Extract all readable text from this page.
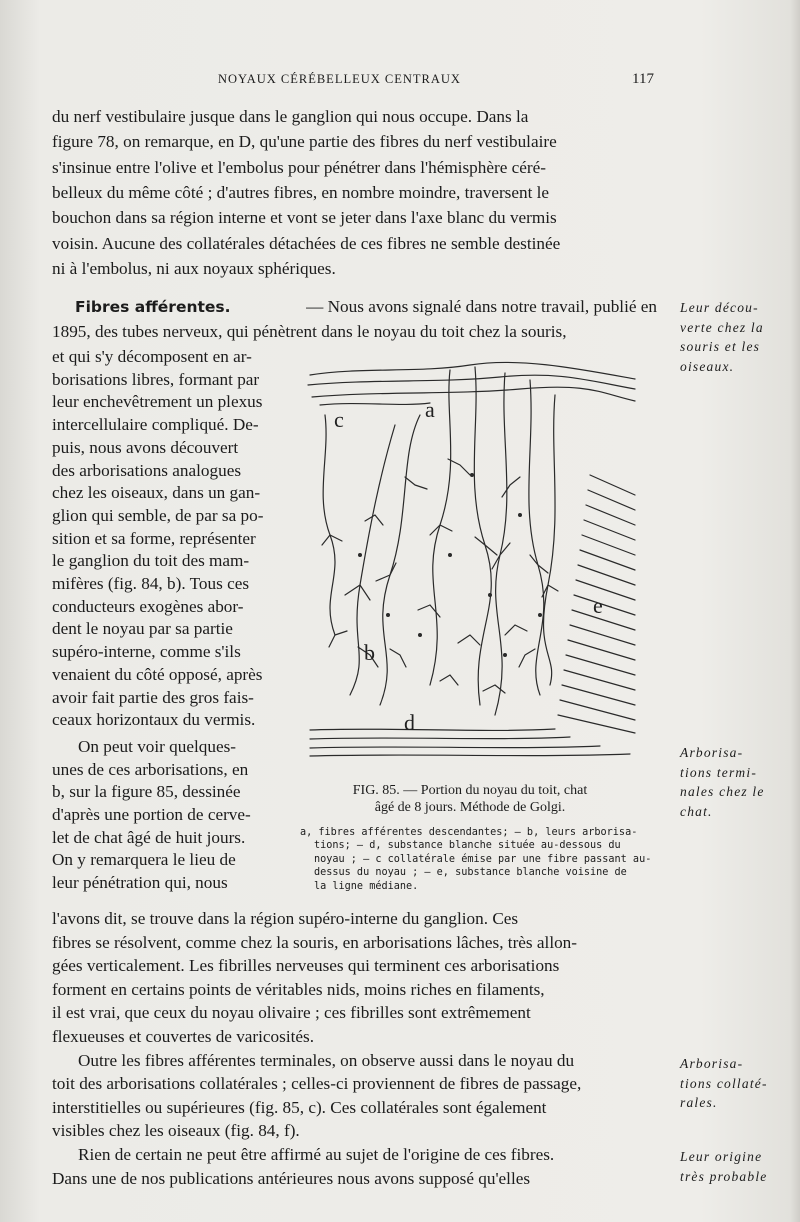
NOYAUX CÉRÉBELLEUX CENTRAUX	117
du nerf vestibulaire jusque dans le ganglion qui nous occupe. Dans la
figure 78, on remarque, en D, qu'une partie des fibres du nerf vestibulaire
s'insinue entre l'olive et l'embolus pour pénétrer dans l'hémisphère céré-
belleux du même côté ; d'autres fibres, en nombre moindre, traversent le
bouchon dans sa région interne et vont se jeter dans l'axe blanc du vermis
voisin. Aucune des collatérales détachées de ces fibres ne semble destinée
ni à l'embolus, ni aux noyaux sphériques.
Fibres afférentes.	— Nous avons signalé dans notre travail, publié en
1895, des tubes nerveux, qui pénètrent dans le noyau du toit chez la souris,
et qui s'y décomposent en ar-
borisations libres, formant par
leur enchevêtrement un plexus
intercellulaire compliqué. De-
puis, nous avons découvert
des arborisations analogues
chez les oiseaux, dans un gan-
glion qui semble, de par sa po-
sition et sa forme, représenter
le ganglion du toit des mam-
mifères (fig. 84, b). Tous ces
conducteurs exogènes abor-
dent le noyau par sa partie
supéro-interne, comme s'ils
venaient du côté opposé, après
avoir fait partie des gros fais-
ceaux horizontaux du vermis.
On peut voir quelques-
unes de ces arborisations, en
b, sur la figure 85, dessinée
d'après une portion de cerve-
let de chat âgé de huit jours.
On y remarquera le lieu de
leur pénétration qui, nous
l'avons dit, se trouve dans la région supéro-interne du ganglion. Ces
fibres se résolvent, comme chez la souris, en arborisations lâches, très allon-
gées verticalement. Les fibrilles nerveuses qui terminent ces arborisations
forment en certains points de véritables nids, moins riches en filaments,
il est vrai, que ceux du noyau olivaire ; ces fibrilles sont extrêmement
flexueuses et couvertes de varicosités.
Outre les fibres afférentes terminales, on observe aussi dans le noyau du
toit des arborisations collatérales ; celles-ci proviennent de fibres de passage,
interstitielles ou supérieures (fig. 85, c). Ces collatérales sont également
visibles chez les oiseaux (fig. 84, f).
Rien de certain ne peut être affirmé au sujet de l'origine de ces fibres.
Dans une de nos publications antérieures nous avons supposé qu'elles
a
c
b
e
d
FIG. 85. — Portion du noyau du toit, chat
âgé de 8 jours. Méthode de Golgi.
a, fibres afférentes descendantes; — b, leurs arborisa-
tions; — d, substance blanche située au-dessous du
noyau ; — c collatérale émise par une fibre passant au-
dessus du noyau ; — e, substance blanche voisine de
la ligne médiane.
Leur décou-
verte chez la
souris et les
oiseaux.
Arborisa-
tions termi-
nales chez le
chat.
Arborisa-
tions collaté-
rales.
Leur origine
très probable
